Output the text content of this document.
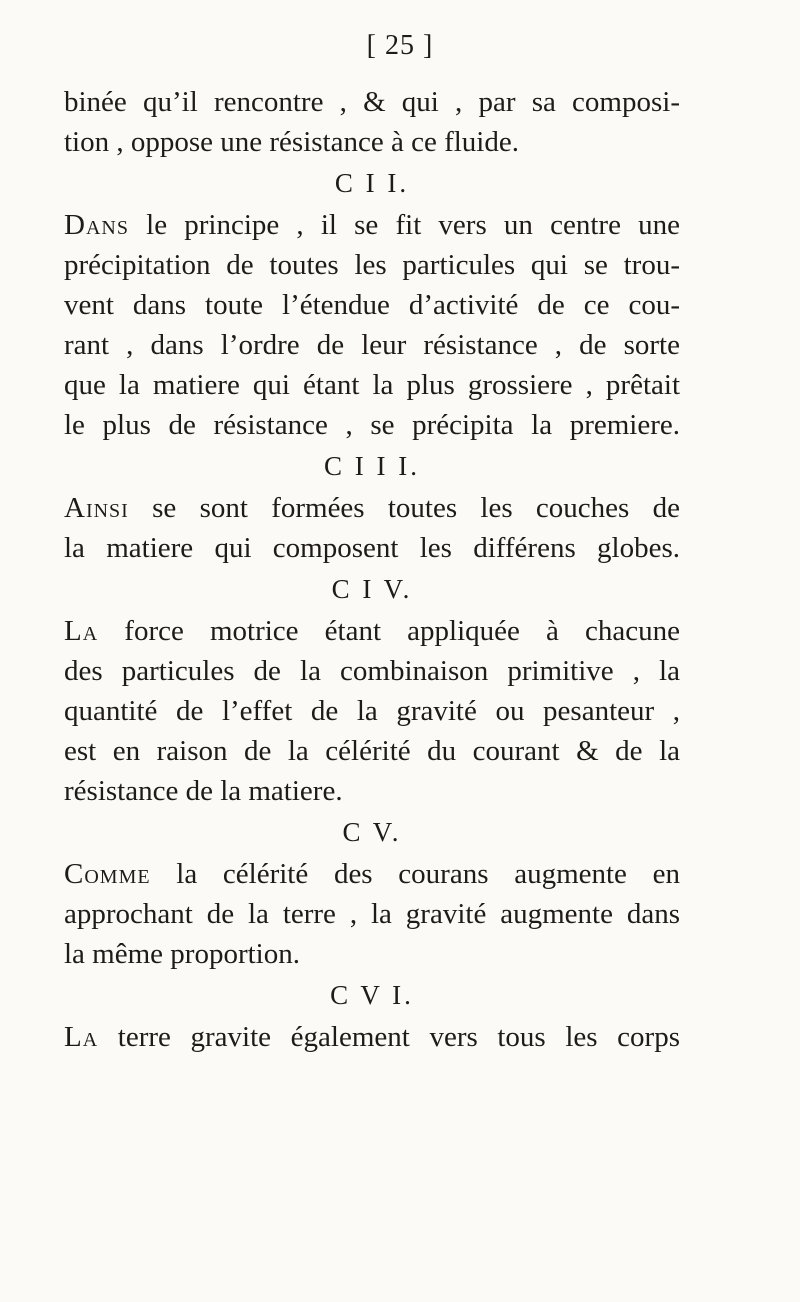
[ 25 ]
binée qu’il rencontre , & qui , par sa composi-
tion , oppose une résistance à ce fluide.
C I I.
Dans le principe , il se fit vers un centre une
précipitation de toutes les particules qui se trou-
vent dans toute l’étendue d’activité de ce cou-
rant , dans l’ordre de leur résistance , de sorte
que la matiere qui étant la plus grossiere , prêtait
le plus de résistance , se précipita la premiere.
C I I I.
Ainsi se sont formées toutes les couches de
la matiere qui composent les différens globes.
C I V.
La force motrice étant appliquée à chacune
des particules de la combinaison primitive , la
quantité de l’effet de la gravité ou pesanteur ,
est en raison de la célérité du courant & de la
résistance de la matiere.
C V.
Comme la célérité des courans augmente en
approchant de la terre , la gravité augmente dans
la même proportion.
C V I.
La terre gravite également vers tous les corps
